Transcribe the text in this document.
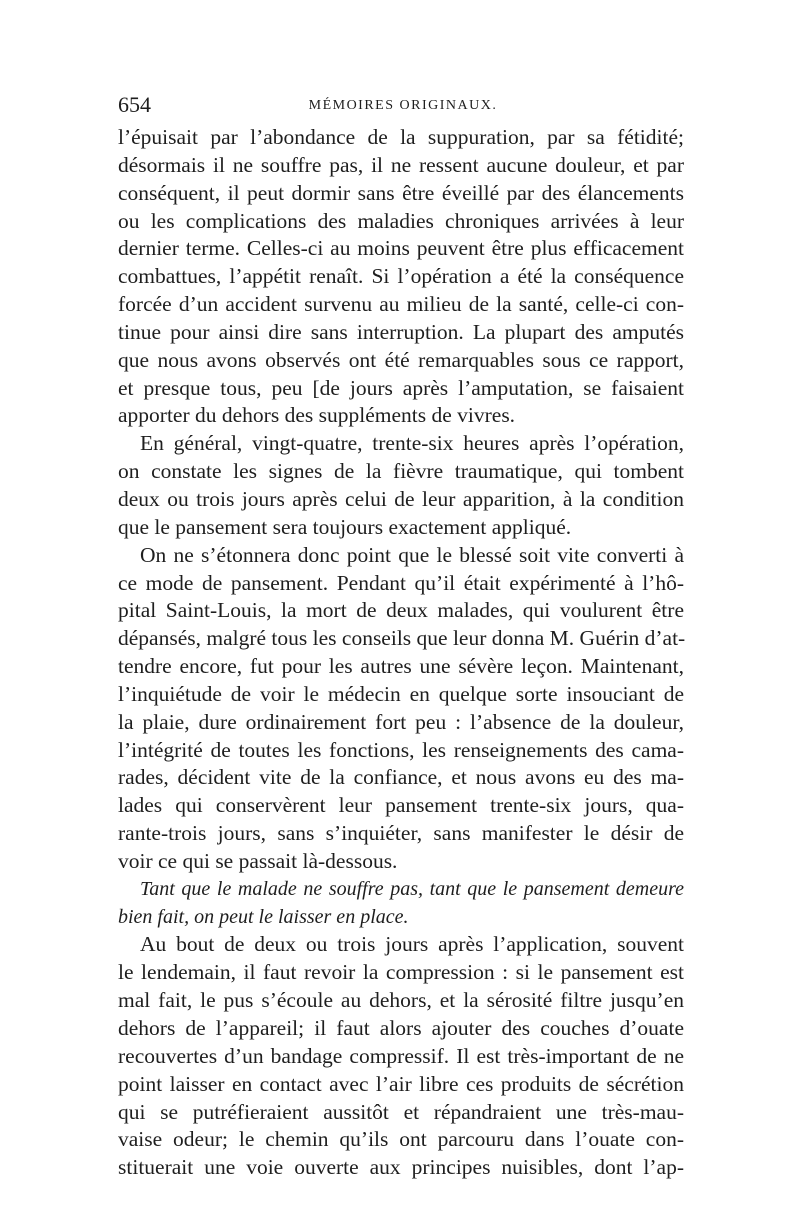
654	MÉMOIRES ORIGINAUX.
l’épuisait par l’abondance de la suppuration, par sa fétidité;
désormais il ne souffre pas, il ne ressent aucune douleur, et par
conséquent, il peut dormir sans être éveillé par des élancements
ou les complications des maladies chroniques arrivées à leur
dernier terme. Celles-ci au moins peuvent être plus efficacement
combattues, l’appétit renaît. Si l’opération a été la conséquence
forcée d’un accident survenu au milieu de la santé, celle-ci con-
tinue pour ainsi dire sans interruption. La plupart des amputés
que nous avons observés ont été remarquables sous ce rapport,
et presque tous, peu [de jours après l’amputation, se faisaient
apporter du dehors des suppléments de vivres.
En général, vingt-quatre, trente-six heures après l’opération,
on constate les signes de la fièvre traumatique, qui tombent
deux ou trois jours après celui de leur apparition, à la condition
que le pansement sera toujours exactement appliqué.
On ne s’étonnera donc point que le blessé soit vite converti à
ce mode de pansement. Pendant qu’il était expérimenté à l’hô-
pital Saint-Louis, la mort de deux malades, qui voulurent être
dépansés, malgré tous les conseils que leur donna M. Guérin d’at-
tendre encore, fut pour les autres une sévère leçon. Maintenant,
l’inquiétude de voir le médecin en quelque sorte insouciant de
la plaie, dure ordinairement fort peu : l’absence de la douleur,
l’intégrité de toutes les fonctions, les renseignements des cama-
rades, décident vite de la confiance, et nous avons eu des ma-
lades qui conservèrent leur pansement trente-six jours, qua-
rante-trois jours, sans s’inquiéter, sans manifester le désir de
voir ce qui se passait là-dessous.
Tant que le malade ne souffre pas, tant que le pansement demeure
bien fait, on peut le laisser en place.
Au bout de deux ou trois jours après l’application, souvent
le lendemain, il faut revoir la compression : si le pansement est
mal fait, le pus s’écoule au dehors, et la sérosité filtre jusqu’en
dehors de l’appareil; il faut alors ajouter des couches d’ouate
recouvertes d’un bandage compressif. Il est très-important de ne
point laisser en contact avec l’air libre ces produits de sécrétion
qui se putréfieraient aussitôt et répandraient une très-mau-
vaise odeur; le chemin qu’ils ont parcouru dans l’ouate con-
stituerait une voie ouverte aux principes nuisibles, dont l’ap-
